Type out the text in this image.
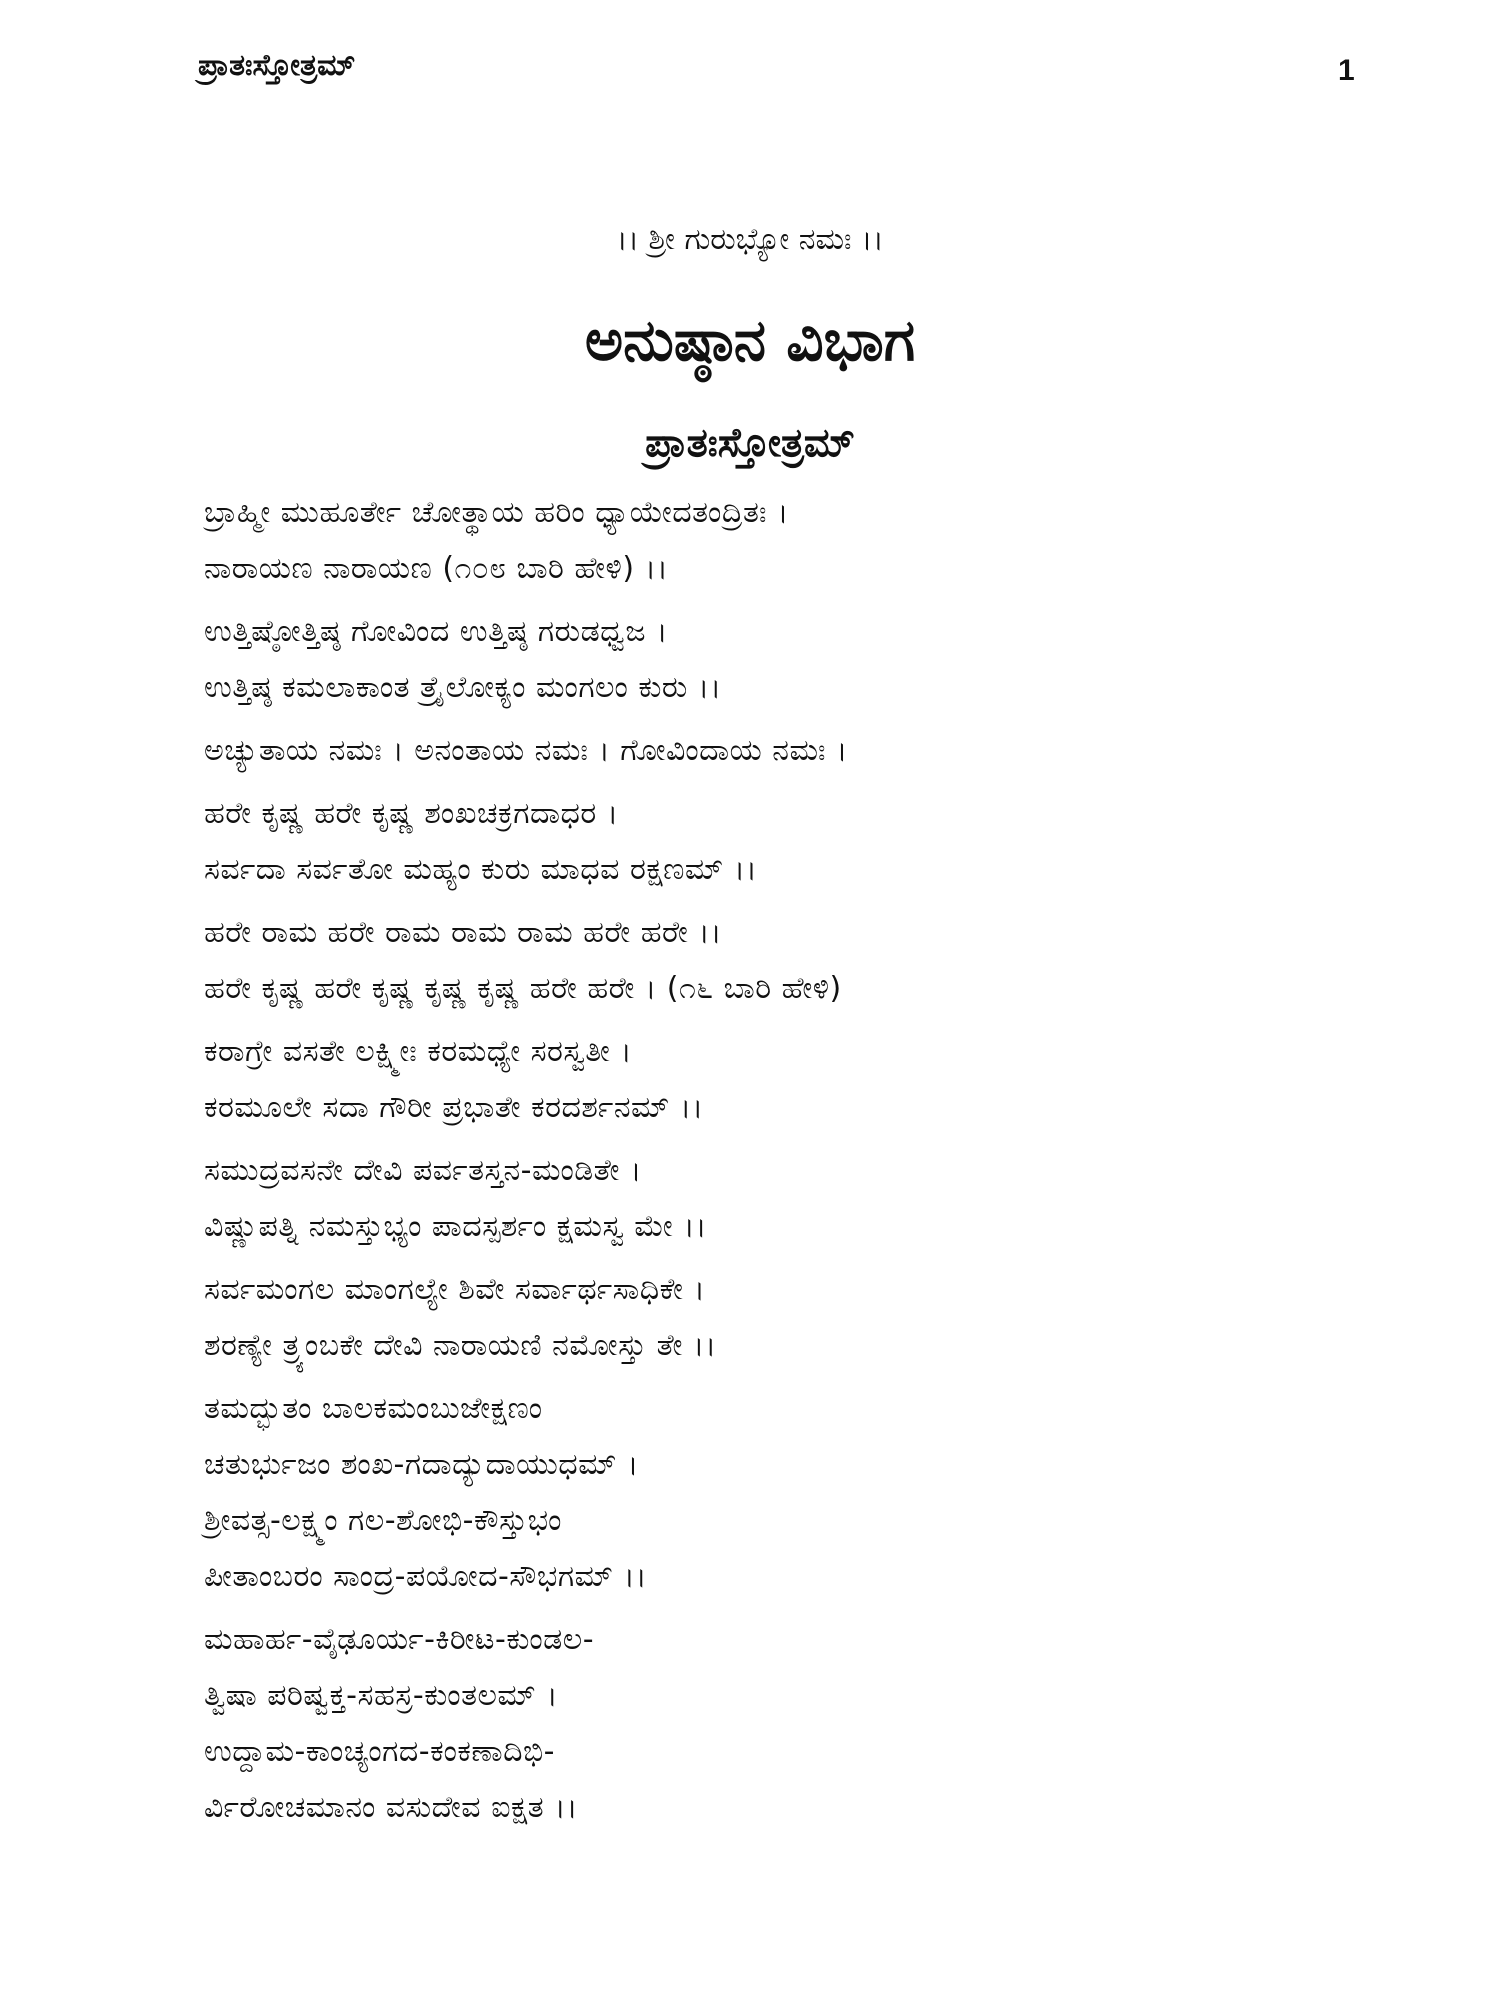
ಪ್ರಾತಃಸ್ತೋತ್ರಮ್	1
।। ಶ್ರೀ ಗುರುಭ್ಯೋ ನಮಃ ।।
ಅನುಷ್ಠಾನ ವಿಭಾಗ
ಪ್ರಾತಃಸ್ತೋತ್ರಮ್
ಬ್ರಾಹ್ಮೀ ಮುಹೂರ್ತೇ ಚೋತ್ಥಾಯ ಹರಿಂ ಧ್ಯಾಯೇದತಂದ್ರಿತಃ ।
ನಾರಾಯಣ ನಾರಾಯಣ (೧೦೮ ಬಾರಿ ಹೇಳಿ) ।।
ಉತ್ತಿಷ್ಠೋತ್ತಿಷ್ಠ ಗೋವಿಂದ ಉತ್ತಿಷ್ಠ ಗರುಡಧ್ವಜ ।
ಉತ್ತಿಷ್ಠ ಕಮಲಾಕಾಂತ ತ್ರೈಲೋಕ್ಯಂ ಮಂಗಲಂ ಕುರು ।।
ಅಚ್ಯುತಾಯ ನಮಃ । ಅನಂತಾಯ ನಮಃ । ಗೋವಿಂದಾಯ ನಮಃ ।
ಹರೇ ಕೃಷ್ಣ ಹರೇ ಕೃಷ್ಣ ಶಂಖಚಕ್ರಗದಾಧರ ।
ಸರ್ವದಾ ಸರ್ವತೋ ಮಹ್ಯಂ ಕುರು ಮಾಧವ ರಕ್ಷಣಮ್ ।।
ಹರೇ ರಾಮ ಹರೇ ರಾಮ ರಾಮ ರಾಮ ಹರೇ ಹರೇ ।।
ಹರೇ ಕೃಷ್ಣ ಹರೇ ಕೃಷ್ಣ ಕೃಷ್ಣ ಕೃಷ್ಣ ಹರೇ ಹರೇ । (೧೬ ಬಾರಿ ಹೇಳಿ)
ಕರಾಗ್ರೇ ವಸತೇ ಲಕ್ಷ್ಮೀಃ ಕರಮಧ್ಯೇ ಸರಸ್ವತೀ ।
ಕರಮೂಲೇ ಸದಾ ಗೌರೀ ಪ್ರಭಾತೇ ಕರದರ್ಶನಮ್ ।।
ಸಮುದ್ರವಸನೇ ದೇವಿ ಪರ್ವತಸ್ತನ-ಮಂಡಿತೇ ।
ವಿಷ್ಣುಪತ್ನಿ ನಮಸ್ತುಭ್ಯಂ ಪಾದಸ್ಪರ್ಶಂ ಕ್ಷಮಸ್ವ ಮೇ ।।
ಸರ್ವಮಂಗಲ ಮಾಂಗಲ್ಯೇ ಶಿವೇ ಸರ್ವಾರ್ಥಸಾಧಿಕೇ ।
ಶರಣ್ಯೇ ತ್ರ್ಯಂಬಕೇ ದೇವಿ ನಾರಾಯಣಿ ನಮೋಸ್ತು ತೇ ।।
ತಮದ್ಭುತಂ ಬಾಲಕಮಂಬುಜೇಕ್ಷಣಂ
ಚತುರ್ಭುಜಂ ಶಂಖ-ಗದಾದ್ಯುದಾಯುಧಮ್ ।
ಶ್ರೀವತ್ಸ-ಲಕ್ಷ್ಮಂ ಗಲ-ಶೋಭಿ-ಕೌಸ್ತುಭಂ
ಪೀತಾಂಬರಂ ಸಾಂದ್ರ-ಪಯೋದ-ಸೌಭಗಮ್ ।।
ಮಹಾರ್ಹ-ವೈಢೂರ್ಯ-ಕಿರೀಟ-ಕುಂಡಲ-
ತ್ವಿಷಾ ಪರಿಷ್ವಕ್ತ-ಸಹಸ್ರ-ಕುಂತಲಮ್ ।
ಉದ್ದಾಮ-ಕಾಂಚ್ಯಂಗದ-ಕಂಕಣಾದಿಭಿ-
ರ್ವಿರೋಚಮಾನಂ ವಸುದೇವ ಐಕ್ಷತ ।।
